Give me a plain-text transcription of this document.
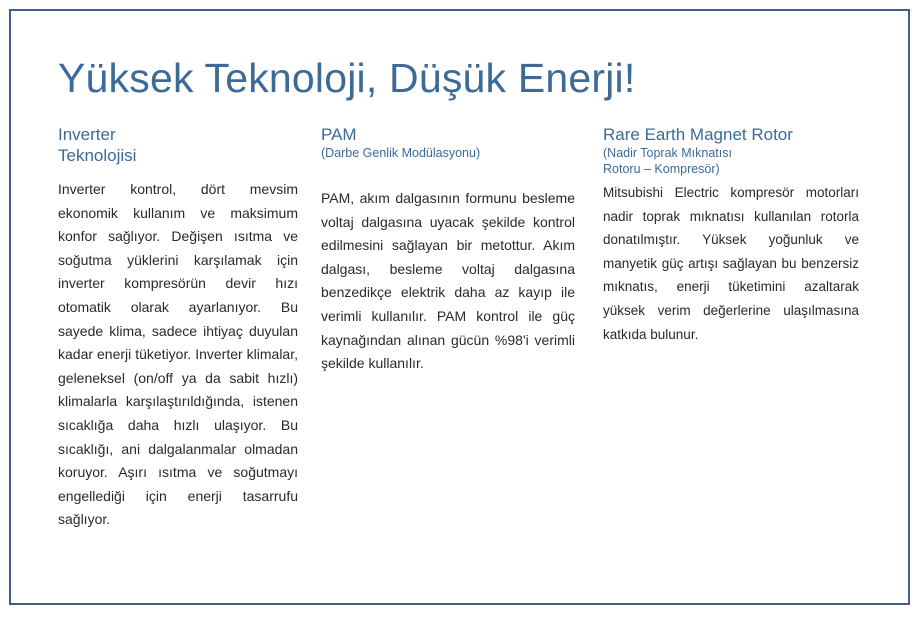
Yüksek Teknoloji, Düşük Enerji!
Inverter
Teknolojisi

Inverter kontrol, dört mevsim ekonomik kullanım ve maksimum konfor sağlıyor. Değişen ısıtma ve soğutma yüklerini karşılamak için inverter kompresörün devir hızı otomatik olarak ayarlanıyor. Bu sayede klima, sadece ihtiyaç duyulan kadar enerji tüketiyor. Inverter klimalar, geleneksel (on/off ya da sabit hızlı) klimalarla karşılaştırıldığında, istenen sıcaklığa daha hızlı ulaşıyor. Bu sıcaklığı, ani dalgalanmalar olmadan koruyor. Aşırı ısıtma ve soğutmayı engellediği için enerji tasarrufu sağlıyor.

PAM

(Darbe Genlik Modülasyonu)

PAM, akım dalgasının formunu besleme voltaj dalgasına uyacak şekilde kontrol edilmesini sağlayan bir metottur. Akım dalgası, besleme voltaj dalgasına benzedikçe elektrik daha az kayıp ile verimli kullanılır. PAM kontrol ile güç kaynağından alınan gücün %98'i verimli şekilde kullanılır.

Rare Earth Magnet Rotor

(Nadir Toprak Mıknatısı
Rotoru – Kompresör)

Mitsubishi Electric kompresör motorları nadir toprak mıknatısı kullanılan rotorla donatılmıştır. Yüksek yoğunluk ve manyetik güç artışı sağlayan bu benzersiz mıknatıs, enerji tüketimini azaltarak yüksek verim değerlerine ulaşılmasına katkıda bulunur.
